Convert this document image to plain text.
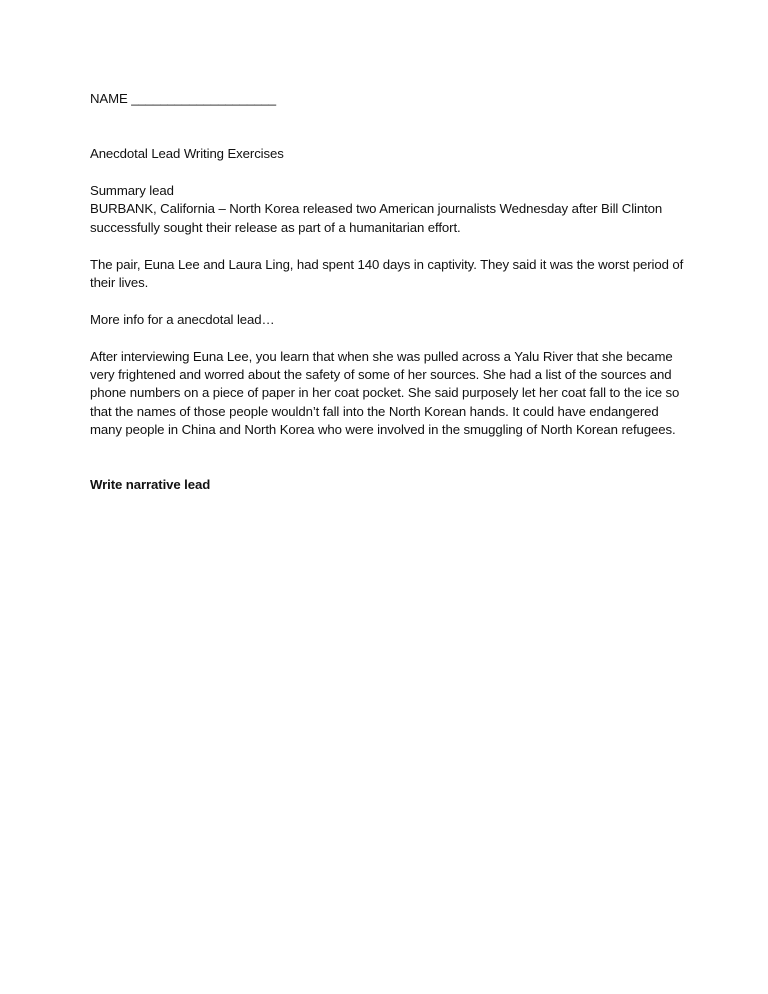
NAME ____________________

Anecdotal Lead Writing Exercises

Summary lead

BURBANK, California – North Korea released two American journalists Wednesday after Bill Clinton successfully sought their release as part of a humanitarian effort.

The pair, Euna Lee and Laura Ling, had spent 140 days in captivity. They said it was the worst period of their lives.

More info for a anecdotal lead…

After interviewing Euna Lee, you learn that when she was pulled across a Yalu River that she became very frightened and worred about the safety of some of her sources. She had a list of the sources and phone numbers on a piece of paper in her coat pocket. She said purposely let her coat fall to the ice so that the names of those people wouldn’t fall into the North Korean hands. It could have endangered many people in China and North Korea who were involved in the smuggling of North Korean refugees.

Write narrative lead
